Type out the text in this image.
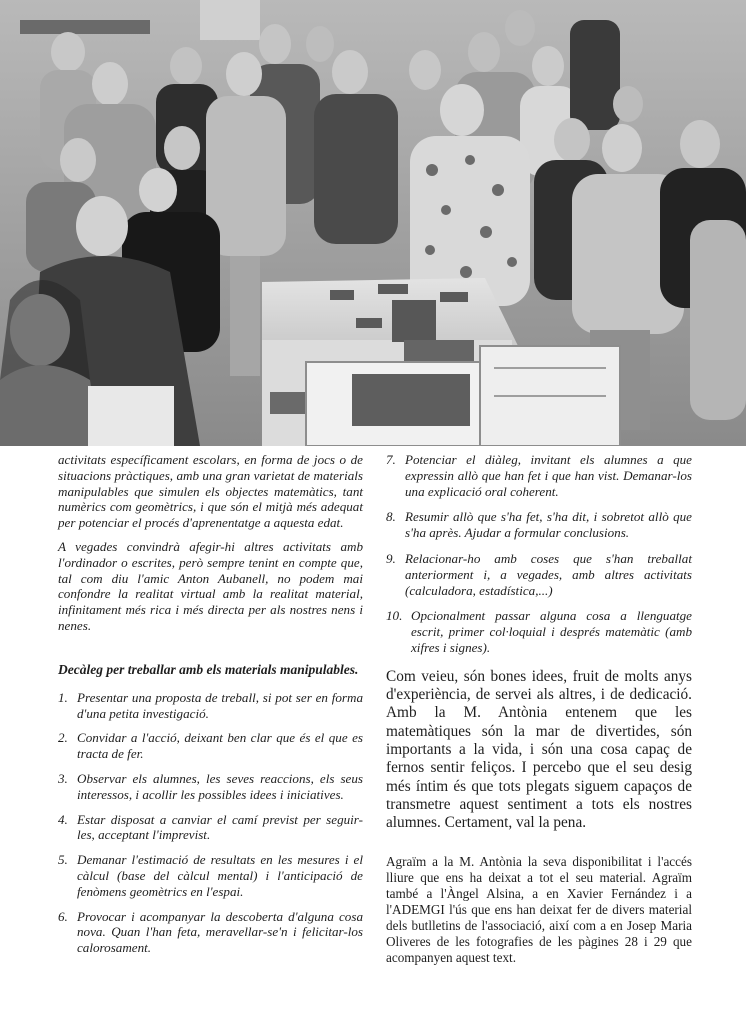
activitats específicament escolars, en forma de jocs o de situacions pràctiques, amb una gran varietat de materials manipulables que simulen els objectes matemàtics, tant numèrics com geomètrics, i que són el mitjà més adequat per potenciar el procés d'aprenentatge a aquesta edat.

A vegades convindrà afegir-hi altres activitats amb l'ordinador o escrites, però sempre tenint en compte que, tal com diu l'amic Anton Aubanell, no podem mai confondre la realitat virtual amb la realitat material, infinitament més rica i més directa per als nostres nens i nenes.

Decàleg per treballar amb els materials manipulables.
1. Presentar una proposta de treball, si pot ser en forma d'una petita investigació.
2. Convidar a l'acció, deixant ben clar que és el que es tracta de fer.
3. Observar els alumnes, les seves reaccions, els seus interessos, i acollir les possibles idees i iniciatives.
4. Estar disposat a canviar el camí previst per seguir-les, acceptant l'imprevist.
5. Demanar l'estimació de resultats en les mesures i el càlcul (base del càlcul mental) i l'anticipació de fenòmens geomètrics en l'espai.
6. Provocar i acompanyar la descoberta d'alguna cosa nova. Quan l'han feta, meravellar-se'n i felicitar-los calorosament.
7. Potenciar el diàleg, invitant els alumnes a que expressin allò que han fet i que han vist. Demanar-los una explicació oral coherent.
8. Resumir allò que s'ha fet, s'ha dit, i sobretot allò que s'ha après. Ajudar a formular conclusions.
9. Relacionar-ho amb coses que s'han treballat anteriorment i, a vegades, amb altres activitats (calculadora, estadística,...)
10. Opcionalment passar alguna cosa a llenguatge escrit, primer col·loquial i després matemàtic (amb xifres i signes).

Com veieu, són bones idees, fruit de molts anys d'experiència, de servei als altres, i de dedicació. Amb la M. Antònia entenem que les matemàtiques són la mar de divertides, són importants a la vida, i són una cosa capaç de fernos sentir feliços. I percebo que el seu desig més íntim és que tots plegats siguem capaços de transmetre aquest sentiment a tots els nostres alumnes. Certament, val la pena.

Agraïm a la M. Antònia la seva disponibilitat i l'accés lliure que ens ha deixat a tot el seu material. Agraïm també a l'Àngel Alsina, a en Xavier Fernández i a l'ADEMGI l'ús que ens han deixat fer de divers material dels butlletins de l'associació, així com a en Josep Maria Oliveres de les fotografies de les pàgines 28 i 29 que acompanyen aquest text.
